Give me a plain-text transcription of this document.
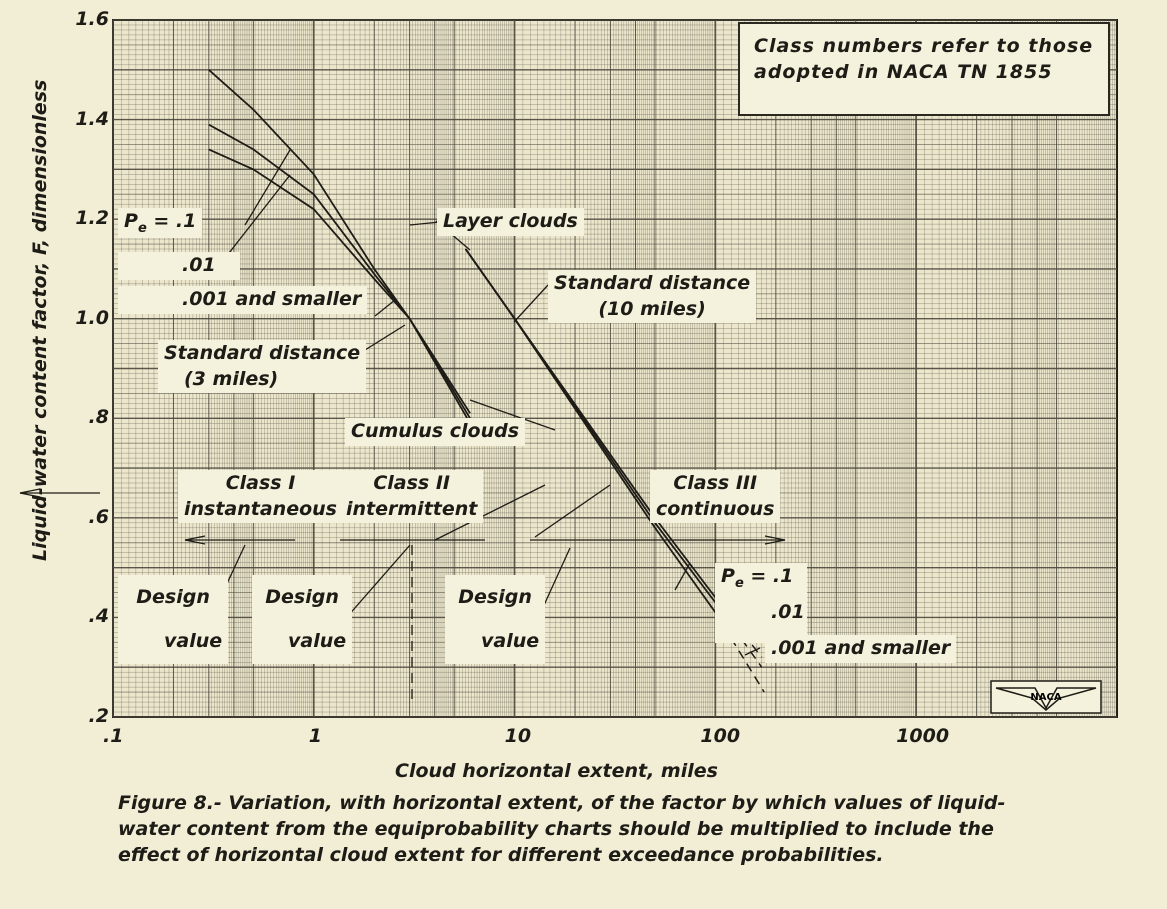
Class numbers refer to those
adopted in NACA TN 1855
$P_e = .1$
.01
.001 and smaller
Standard distance
(3 miles)
Layer clouds
Standard distance
(10 miles)
Cumulus clouds
Class I
instantaneous
Class II
intermittent
Class III
continuous
Design
value
Design
value
Design
value
$P_e = .1$
.01
.001 and smaller
NACA
.2
.4
.6
.8
1.0
1.2
1.4
1.6
.1	1	10	100	1000
Cloud horizontal extent, miles
Liquid-water content factor, F, dimensionless
Figure 8.- Variation, with horizontal extent, of the factor by which values of liquid-water content from the equiprobability charts should be multiplied to include the effect of horizontal cloud extent for different exceedance probabilities.
